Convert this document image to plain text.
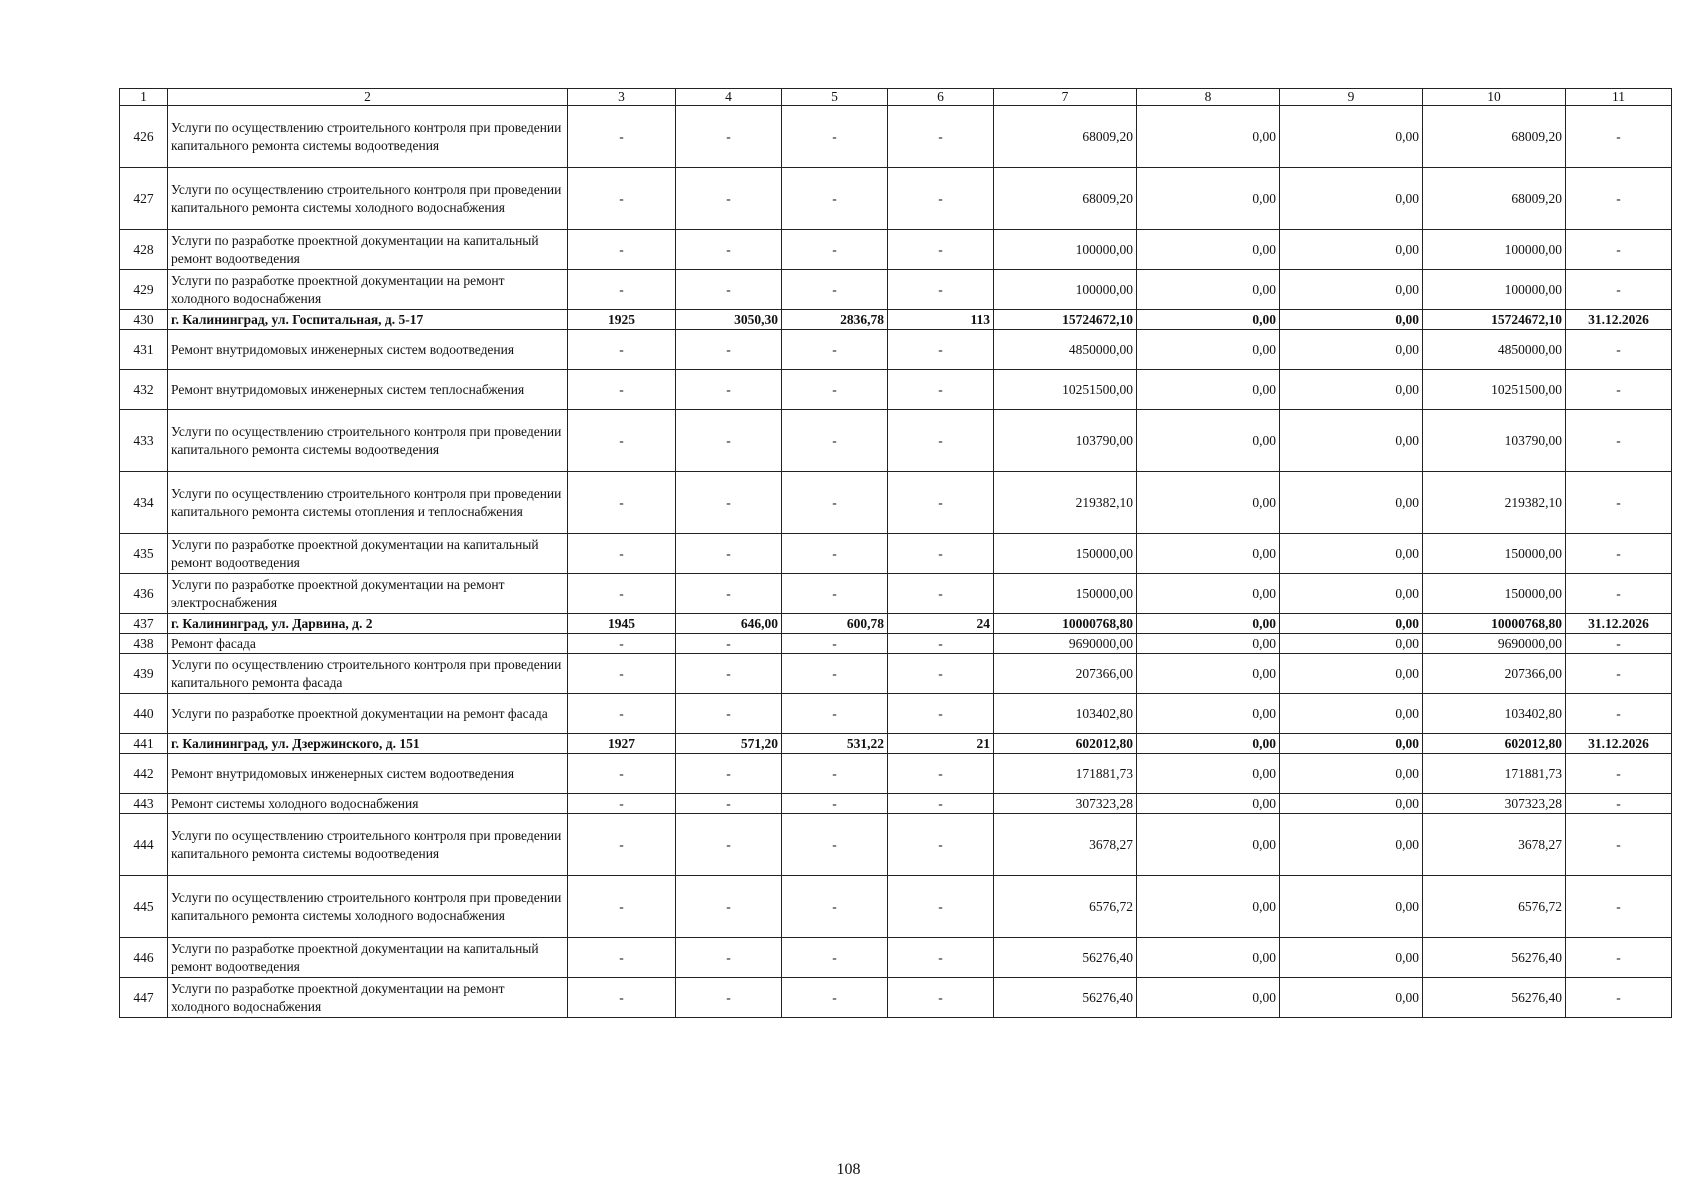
1	2	3	4	5	6	7	8	9	10	11
426	Услуги по осуществлению строительного контроля при проведении капитального ремонта системы водоотведения	-	-	-	-	68009,20	0,00	0,00	68009,20	-
427	Услуги по осуществлению строительного контроля при проведении капитального ремонта системы холодного водоснабжения	-	-	-	-	68009,20	0,00	0,00	68009,20	-
428	Услуги по разработке проектной документации на капитальный ремонт водоотведения	-	-	-	-	100000,00	0,00	0,00	100000,00	-
429	Услуги по разработке проектной документации на ремонт холодного водоснабжения	-	-	-	-	100000,00	0,00	0,00	100000,00	-
430	г. Калининград, ул. Госпитальная, д. 5-17	1925	3050,30	2836,78	113	15724672,10	0,00	0,00	15724672,10	31.12.2026
431	Ремонт внутридомовых инженерных систем водоотведения	-	-	-	-	4850000,00	0,00	0,00	4850000,00	-
432	Ремонт внутридомовых инженерных систем теплоснабжения	-	-	-	-	10251500,00	0,00	0,00	10251500,00	-
433	Услуги по осуществлению строительного контроля при проведении капитального ремонта системы водоотведения	-	-	-	-	103790,00	0,00	0,00	103790,00	-
434	Услуги по осуществлению строительного контроля при проведении капитального ремонта системы отопления и теплоснабжения	-	-	-	-	219382,10	0,00	0,00	219382,10	-
435	Услуги по разработке проектной документации на капитальный ремонт водоотведения	-	-	-	-	150000,00	0,00	0,00	150000,00	-
436	Услуги по разработке проектной документации на ремонт электроснабжения	-	-	-	-	150000,00	0,00	0,00	150000,00	-
437	г. Калининград, ул. Дарвина, д. 2	1945	646,00	600,78	24	10000768,80	0,00	0,00	10000768,80	31.12.2026
438	Ремонт фасада	-	-	-	-	9690000,00	0,00	0,00	9690000,00	-
439	Услуги по осуществлению строительного контроля при проведении капитального ремонта фасада	-	-	-	-	207366,00	0,00	0,00	207366,00	-
440	Услуги по разработке проектной документации на ремонт фасада	-	-	-	-	103402,80	0,00	0,00	103402,80	-
441	г. Калининград, ул. Дзержинского, д. 151	1927	571,20	531,22	21	602012,80	0,00	0,00	602012,80	31.12.2026
442	Ремонт внутридомовых инженерных систем водоотведения	-	-	-	-	171881,73	0,00	0,00	171881,73	-
443	Ремонт системы холодного водоснабжения	-	-	-	-	307323,28	0,00	0,00	307323,28	-
444	Услуги по осуществлению строительного контроля при проведении капитального ремонта системы водоотведения	-	-	-	-	3678,27	0,00	0,00	3678,27	-
445	Услуги по осуществлению строительного контроля при проведении капитального ремонта системы холодного водоснабжения	-	-	-	-	6576,72	0,00	0,00	6576,72	-
446	Услуги по разработке проектной документации на капитальный ремонт водоотведения	-	-	-	-	56276,40	0,00	0,00	56276,40	-
447	Услуги по разработке проектной документации на ремонт холодного водоснабжения	-	-	-	-	56276,40	0,00	0,00	56276,40	-
108
